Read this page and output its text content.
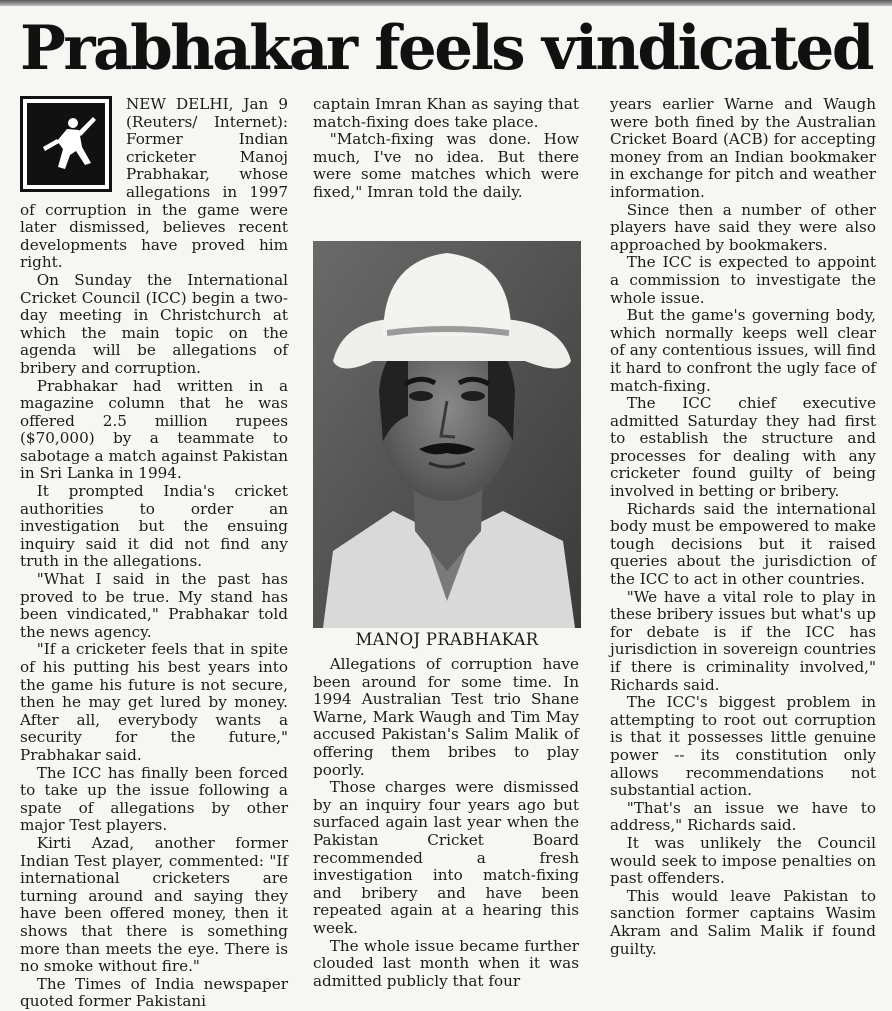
Prabhakar feels vindicated

NEW DELHI, Jan 9 (Reuters/ Internet): Former Indian cricketer Manoj Prabhakar, whose allegations in 1997 of corruption in the game were later dismissed, believes recent developments have proved him right.

On Sunday the International Cricket Council (ICC) begin a two-day meeting in Christchurch at which the main topic on the agenda will be allegations of bribery and corruption.

Prabhakar had written in a magazine column that he was offered 2.5 million rupees ($70,000) by a teammate to sabotage a match against Pakistan in Sri Lanka in 1994.

It prompted India's cricket authorities to order an investigation but the ensuing inquiry said it did not find any truth in the allegations.

"What I said in the past has proved to be true. My stand has been vindicated," Prabhakar told the news agency.

"If a cricketer feels that in spite of his putting his best years into the game his future is not secure, then he may get lured by money. After all, everybody wants a security for the future," Prabhakar said.

The ICC has finally been forced to take up the issue following a spate of allegations by other major Test players.

Kirti Azad, another former Indian Test player, commented: "If international cricketers are turning around and saying they have been offered money, then it shows that there is something more than meets the eye. There is no smoke without fire."

The Times of India newspaper quoted former Pakistani

captain Imran Khan as saying that match-fixing does take place.

"Match-fixing was done. How much, I've no idea. But there were some matches which were fixed," Imran told the daily.

MANOJ PRABHAKAR

Allegations of corruption have been around for some time. In 1994 Australian Test trio Shane Warne, Mark Waugh and Tim May accused Pakistan's Salim Malik of offering them bribes to play poorly.

Those charges were dismissed by an inquiry four years ago but surfaced again last year when the Pakistan Cricket Board recommended a fresh investigation into match-fixing and bribery and have been repeated again at a hearing this week.

The whole issue became further clouded last month when it was admitted publicly that four

years earlier Warne and Waugh were both fined by the Australian Cricket Board (ACB) for accepting money from an Indian bookmaker in exchange for pitch and weather information.

Since then a number of other players have said they were also approached by bookmakers.

The ICC is expected to appoint a commission to investigate the whole issue.

But the game's governing body, which normally keeps well clear of any contentious issues, will find it hard to confront the ugly face of match-fixing.

The ICC chief executive admitted Saturday they had first to establish the structure and processes for dealing with any cricketer found guilty of being involved in betting or bribery.

Richards said the international body must be empowered to make tough decisions but it raised queries about the jurisdiction of the ICC to act in other countries.

"We have a vital role to play in these bribery issues but what's up for debate is if the ICC has jurisdiction in sovereign countries if there is criminality involved," Richards said.

The ICC's biggest problem in attempting to root out corruption is that it possesses little genuine power -- its constitution only allows recommendations not substantial action.

"That's an issue we have to address," Richards said.

It was unlikely the Council would seek to impose penalties on past offenders.

This would leave Pakistan to sanction former captains Wasim Akram and Salim Malik if found guilty.
